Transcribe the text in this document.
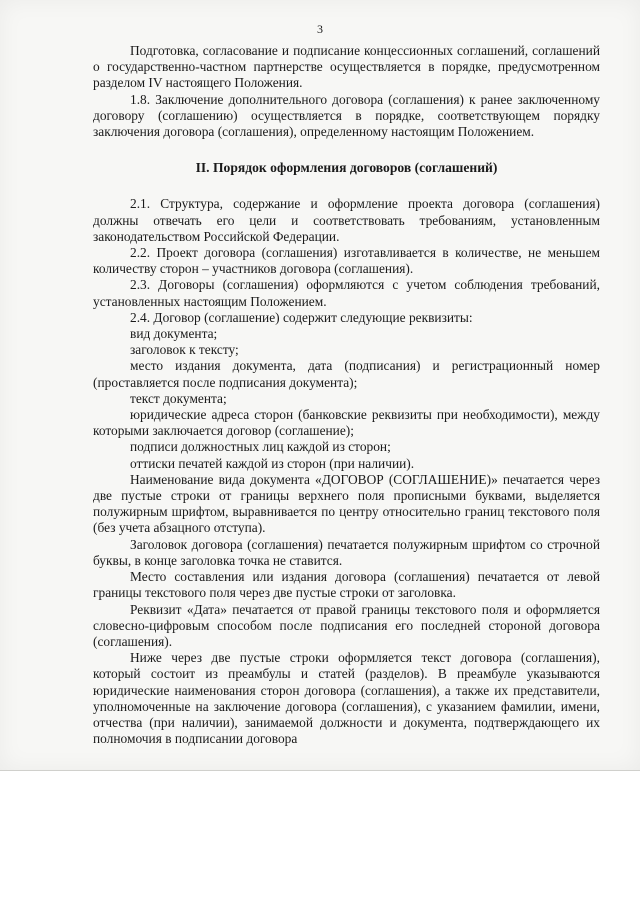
3

Подготовка, согласование и подписание концессионных соглашений, соглашений о государственно-частном партнерстве осуществляется в порядке, предусмотренном разделом IV настоящего Положения.

1.8. Заключение дополнительного договора (соглашения) к ранее заключенному договору (соглашению) осуществляется в порядке, соответствующем порядку заключения договора (соглашения), определенному настоящим Положением.

II. Порядок оформления договоров (соглашений)

2.1. Структура, содержание и оформление проекта договора (соглашения) должны отвечать его цели и соответствовать требованиям, установленным законодательством Российской Федерации.

2.2. Проект договора (соглашения) изготавливается в количестве, не меньшем количеству сторон – участников договора (соглашения).

2.3. Договоры (соглашения) оформляются с учетом соблюдения требований, установленных настоящим Положением.

2.4. Договор (соглашение) содержит следующие реквизиты:

вид документа;

заголовок к тексту;

место издания документа, дата (подписания) и регистрационный номер (проставляется после подписания документа);

текст документа;

юридические адреса сторон (банковские реквизиты при необходимости), между которыми заключается договор (соглашение);

подписи должностных лиц каждой из сторон;

оттиски печатей каждой из сторон (при наличии).

Наименование вида документа «ДОГОВОР (СОГЛАШЕНИЕ)» печатается через две пустые строки от границы верхнего поля прописными буквами, выделяется полужирным шрифтом, выравнивается по центру относительно границ текстового поля (без учета абзацного отступа).

Заголовок договора (соглашения) печатается полужирным шрифтом со строчной буквы, в конце заголовка точка не ставится.

Место составления или издания договора (соглашения) печатается от левой границы текстового поля через две пустые строки от заголовка.

Реквизит «Дата» печатается от правой границы текстового поля и оформляется словесно-цифровым способом после подписания его последней стороной договора (соглашения).

Ниже через две пустые строки оформляется текст договора (соглашения), который состоит из преамбулы и статей (разделов). В преамбуле указываются юридические наименования сторон договора (соглашения), а также их представители, уполномоченные на заключение договора (соглашения), с указанием фамилии, имени, отчества (при наличии), занимаемой должности и документа, подтверждающего их полномочия в подписании договора
